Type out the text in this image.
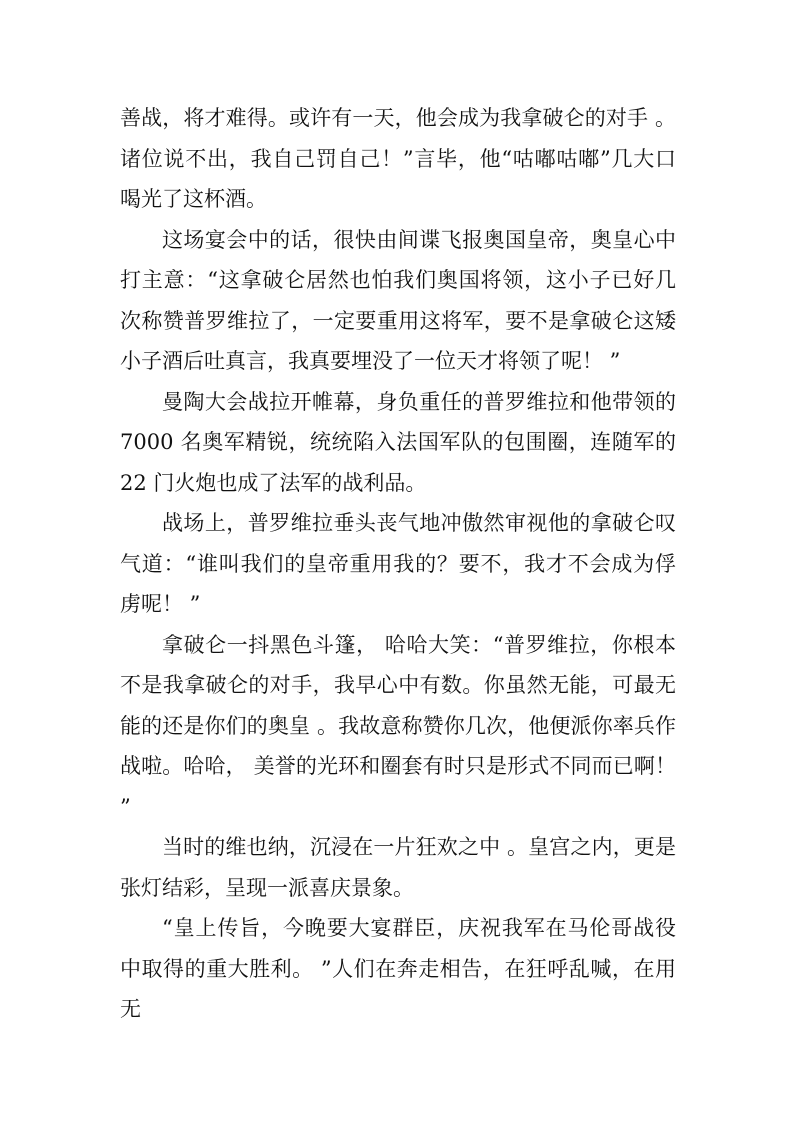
善战，将才难得。或许有一天，他会成为我拿破仑的对手 。诸位说不出，我自己罚自己！”言毕，他“咕嘟咕嘟”几大口喝光了这杯酒。

这场宴会中的话，很快由间谍飞报奥国皇帝，奥皇心中打主意：“这拿破仑居然也怕我们奥国将领，这小子已好几次称赞普罗维拉了，一定要重用这将军，要不是拿破仑这矮小子酒后吐真言，我真要埋没了一位天才将领了呢！ ”

曼陶大会战拉开帷幕，身负重任的普罗维拉和他带领的 7000 名奥军精锐，统统陷入法国军队的包围圈，连随军的 22 门火炮也成了法军的战利品。

战场上，普罗维拉垂头丧气地冲傲然审视他的拿破仑叹气道：“谁叫我们的皇帝重用我的？要不，我才不会成为俘虏呢！ ”

拿破仑一抖黑色斗篷， 哈哈大笑：“普罗维拉，你根本不是我拿破仑的对手，我早心中有数。你虽然无能，可最无能的还是你们的奥皇 。我故意称赞你几次，他便派你率兵作战啦。哈哈， 美誉的光环和圈套有时只是形式不同而已啊！ ”

当时的维也纳，沉浸在一片狂欢之中 。皇宫之内，更是张灯结彩，呈现一派喜庆景象。

“皇上传旨，今晚要大宴群臣，庆祝我军在马伦哥战役中取得的重大胜利。 ”人们在奔走相告，在狂呼乱喊，在用无
